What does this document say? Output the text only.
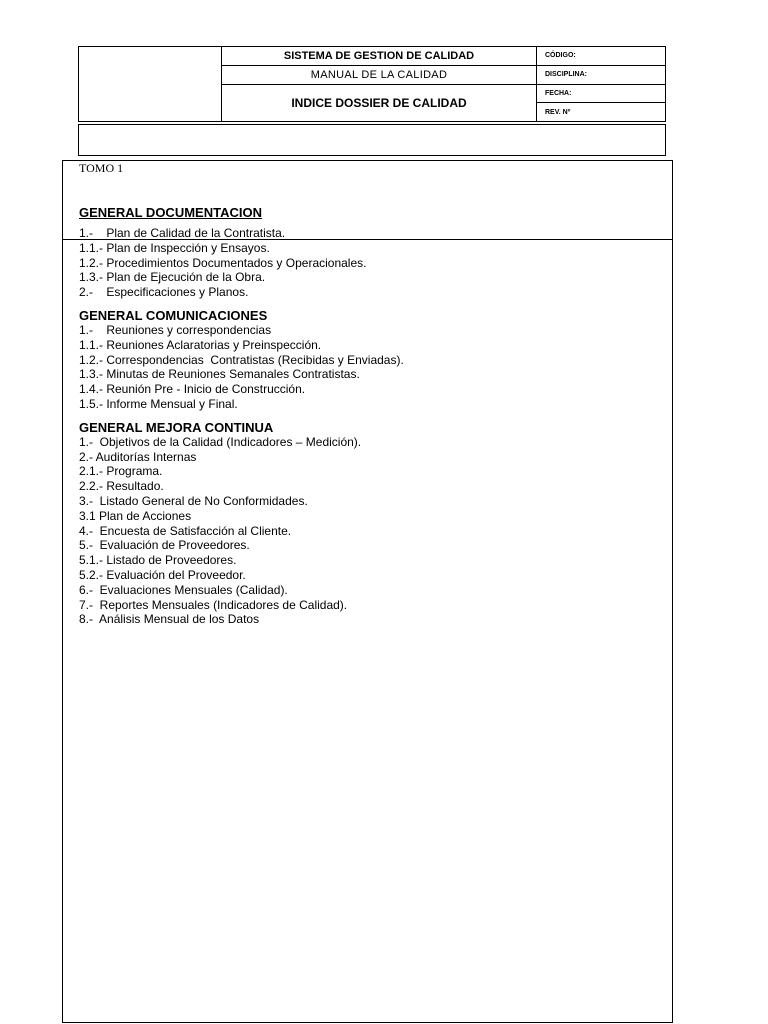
	SISTEMA DE GESTION DE CALIDAD	CÓDIGO:
	MANUAL DE LA CALIDAD	DISCIPLINA:
	INDICE DOSSIER DE CALIDAD	FECHA:
		REV. Nº

TOMO 1

GENERAL DOCUMENTACION
1.-    Plan de Calidad de la Contratista.
1.1.- Plan de Inspección y Ensayos.
1.2.- Procedimientos Documentados y Operacionales.
1.3.- Plan de Ejecución de la Obra.
2.-    Especificaciones y Planos.
GENERAL COMUNICACIONES
1.-    Reuniones y correspondencias
1.1.- Reuniones Aclaratorias y Preinspección.
1.2.- Correspondencias  Contratistas (Recibidas y Enviadas).
1.3.- Minutas de Reuniones Semanales Contratistas.
1.4.- Reunión Pre - Inicio de Construcción.
1.5.- Informe Mensual y Final.
GENERAL MEJORA CONTINUA
1.-  Objetivos de la Calidad (Indicadores – Medición).
2.- Auditorías Internas
2.1.- Programa.
2.2.- Resultado.
3.-  Listado General de No Conformidades.
3.1 Plan de Acciones
4.-  Encuesta de Satisfacción al Cliente.
5.-  Evaluación de Proveedores.
5.1.- Listado de Proveedores.
5.2.- Evaluación del Proveedor.
6.-  Evaluaciones Mensuales (Calidad).
7.-  Reportes Mensuales (Indicadores de Calidad).
8.-  Análisis Mensual de los Datos
